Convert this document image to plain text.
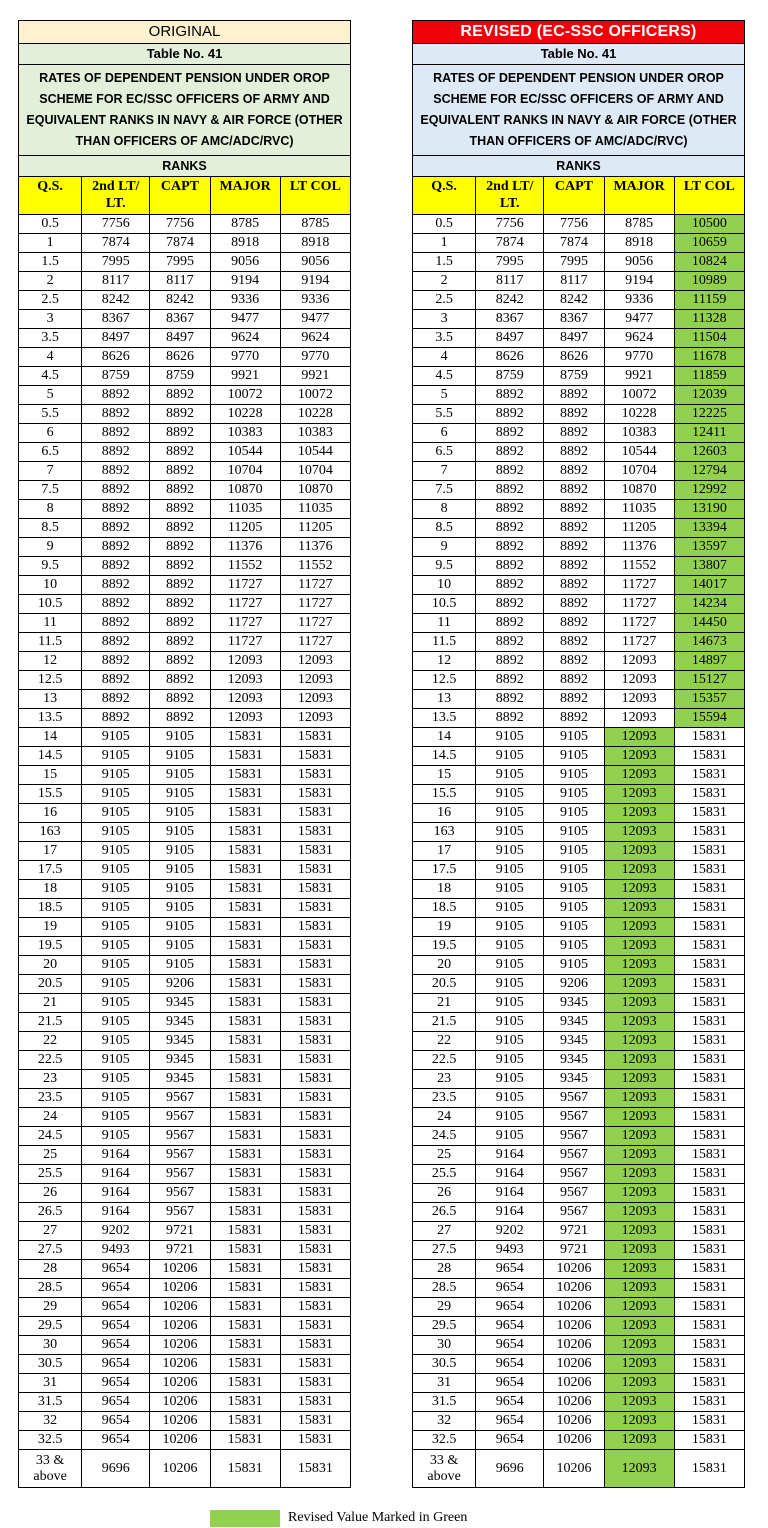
ORIGINAL				
Table No. 41				
RATES OF DEPENDENT PENSION UNDER OROP SCHEME FOR EC/SSC OFFICERS OF ARMY AND EQUIVALENT RANKS IN NAVY & AIR FORCE (OTHER THAN OFFICERS OF AMC/ADC/RVC)				
RANKS				
Q.S.	2nd LT/ LT.	CAPT	MAJOR	LT COL
0.5	7756	7756	8785	8785
1	7874	7874	8918	8918
1.5	7995	7995	9056	9056
2	8117	8117	9194	9194
2.5	8242	8242	9336	9336
3	8367	8367	9477	9477
3.5	8497	8497	9624	9624
4	8626	8626	9770	9770
4.5	8759	8759	9921	9921
5	8892	8892	10072	10072
5.5	8892	8892	10228	10228
6	8892	8892	10383	10383
6.5	8892	8892	10544	10544
7	8892	8892	10704	10704
7.5	8892	8892	10870	10870
8	8892	8892	11035	11035
8.5	8892	8892	11205	11205
9	8892	8892	11376	11376
9.5	8892	8892	11552	11552
10	8892	8892	11727	11727
10.5	8892	8892	11727	11727
11	8892	8892	11727	11727
11.5	8892	8892	11727	11727
12	8892	8892	12093	12093
12.5	8892	8892	12093	12093
13	8892	8892	12093	12093
13.5	8892	8892	12093	12093
14	9105	9105	15831	15831
14.5	9105	9105	15831	15831
15	9105	9105	15831	15831
15.5	9105	9105	15831	15831
16	9105	9105	15831	15831
163	9105	9105	15831	15831
17	9105	9105	15831	15831
17.5	9105	9105	15831	15831
18	9105	9105	15831	15831
18.5	9105	9105	15831	15831
19	9105	9105	15831	15831
19.5	9105	9105	15831	15831
20	9105	9105	15831	15831
20.5	9105	9206	15831	15831
21	9105	9345	15831	15831
21.5	9105	9345	15831	15831
22	9105	9345	15831	15831
22.5	9105	9345	15831	15831
23	9105	9345	15831	15831
23.5	9105	9567	15831	15831
24	9105	9567	15831	15831
24.5	9105	9567	15831	15831
25	9164	9567	15831	15831
25.5	9164	9567	15831	15831
26	9164	9567	15831	15831
26.5	9164	9567	15831	15831
27	9202	9721	15831	15831
27.5	9493	9721	15831	15831
28	9654	10206	15831	15831
28.5	9654	10206	15831	15831
29	9654	10206	15831	15831
29.5	9654	10206	15831	15831
30	9654	10206	15831	15831
30.5	9654	10206	15831	15831
31	9654	10206	15831	15831
31.5	9654	10206	15831	15831
32	9654	10206	15831	15831
32.5	9654	10206	15831	15831
33 & above	9696	10206	15831	15831
REVISED (EC-SSC OFFICERS)				
Table No. 41				
RATES OF DEPENDENT PENSION UNDER OROP SCHEME FOR EC/SSC OFFICERS OF ARMY AND EQUIVALENT RANKS IN NAVY & AIR FORCE (OTHER THAN OFFICERS OF AMC/ADC/RVC)				
RANKS				
Q.S.	2nd LT/ LT.	CAPT	MAJOR	LT COL
0.5	7756	7756	8785	10500
1	7874	7874	8918	10659
1.5	7995	7995	9056	10824
2	8117	8117	9194	10989
2.5	8242	8242	9336	11159
3	8367	8367	9477	11328
3.5	8497	8497	9624	11504
4	8626	8626	9770	11678
4.5	8759	8759	9921	11859
5	8892	8892	10072	12039
5.5	8892	8892	10228	12225
6	8892	8892	10383	12411
6.5	8892	8892	10544	12603
7	8892	8892	10704	12794
7.5	8892	8892	10870	12992
8	8892	8892	11035	13190
8.5	8892	8892	11205	13394
9	8892	8892	11376	13597
9.5	8892	8892	11552	13807
10	8892	8892	11727	14017
10.5	8892	8892	11727	14234
11	8892	8892	11727	14450
11.5	8892	8892	11727	14673
12	8892	8892	12093	14897
12.5	8892	8892	12093	15127
13	8892	8892	12093	15357
13.5	8892	8892	12093	15594
14	9105	9105	12093	15831
14.5	9105	9105	12093	15831
15	9105	9105	12093	15831
15.5	9105	9105	12093	15831
16	9105	9105	12093	15831
163	9105	9105	12093	15831
17	9105	9105	12093	15831
17.5	9105	9105	12093	15831
18	9105	9105	12093	15831
18.5	9105	9105	12093	15831
19	9105	9105	12093	15831
19.5	9105	9105	12093	15831
20	9105	9105	12093	15831
20.5	9105	9206	12093	15831
21	9105	9345	12093	15831
21.5	9105	9345	12093	15831
22	9105	9345	12093	15831
22.5	9105	9345	12093	15831
23	9105	9345	12093	15831
23.5	9105	9567	12093	15831
24	9105	9567	12093	15831
24.5	9105	9567	12093	15831
25	9164	9567	12093	15831
25.5	9164	9567	12093	15831
26	9164	9567	12093	15831
26.5	9164	9567	12093	15831
27	9202	9721	12093	15831
27.5	9493	9721	12093	15831
28	9654	10206	12093	15831
28.5	9654	10206	12093	15831
29	9654	10206	12093	15831
29.5	9654	10206	12093	15831
30	9654	10206	12093	15831
30.5	9654	10206	12093	15831
31	9654	10206	12093	15831
31.5	9654	10206	12093	15831
32	9654	10206	12093	15831
32.5	9654	10206	12093	15831
33 & above	9696	10206	12093	15831
Revised Value Marked in Green
